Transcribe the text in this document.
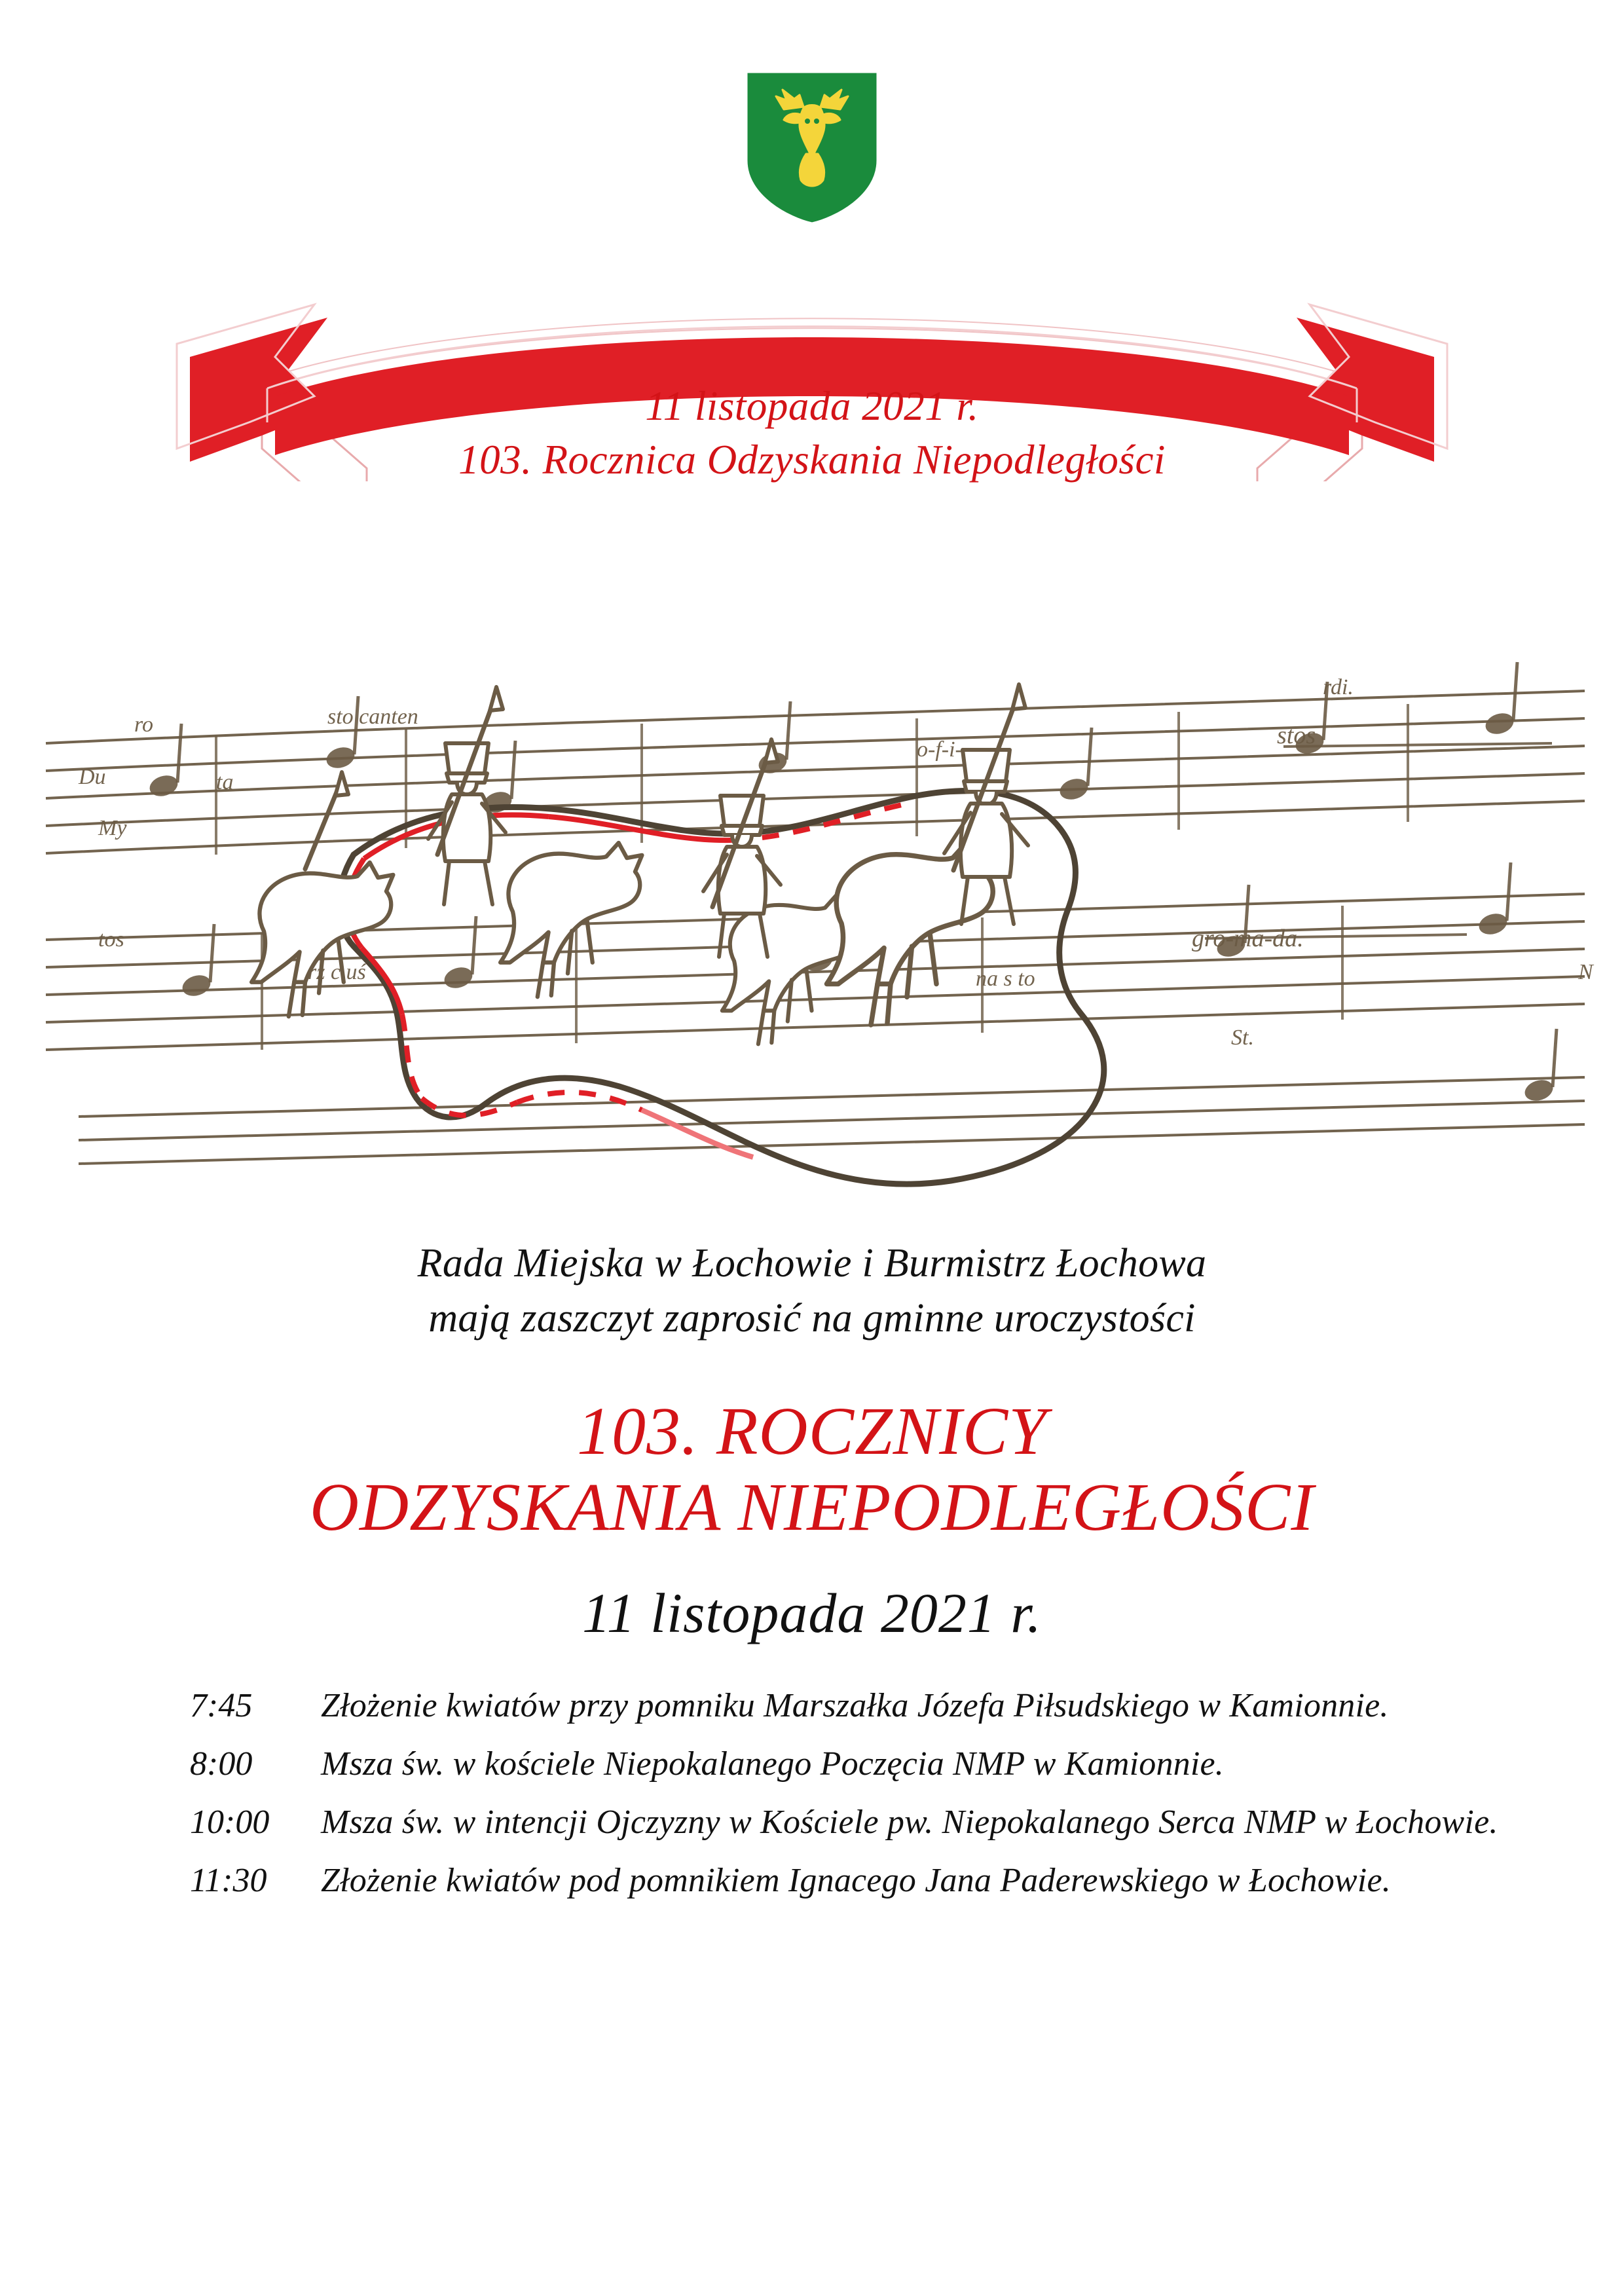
11 listopada 2021 r.
103. Rocznica Odzyskania Niepodległości
ro
My
tos
ta
Du
sto canten
rz c uś
o-f-i-
stos
gro-ma-da.
na s to
St.
rdi.
N
Rada Miejska w Łochowie i Burmistrz Łochowa
mają zaszczyt zaprosić na gminne uroczystości
103. ROCZNICY
ODZYSKANIA NIEPODLEGŁOŚCI
11 listopada 2021 r.
7:45	Złożenie kwiatów przy pomniku Marszałka Józefa Piłsudskiego w Kamionnie.
8:00	Msza św. w kościele Niepokalanego Poczęcia NMP w Kamionnie.
10:00	Msza św. w intencji Ojczyzny w Kościele pw. Niepokalanego Serca NMP w Łochowie.
11:30	Złożenie kwiatów pod pomnikiem Ignacego Jana Paderewskiego w Łochowie.
